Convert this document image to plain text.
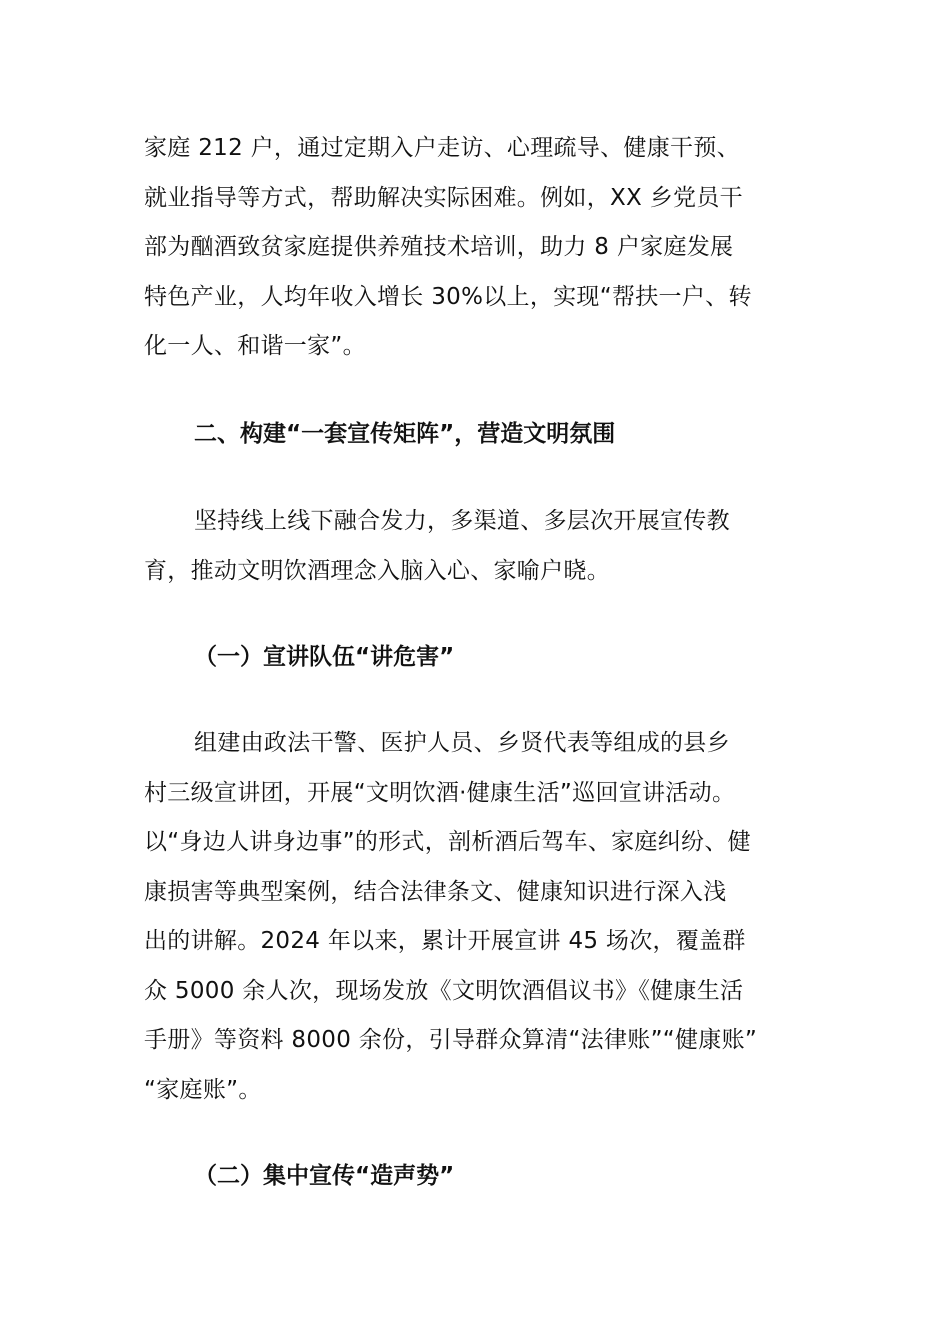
家庭 212 户，通过定期入户走访、心理疏导、健康干预、
就业指导等方式，帮助解决实际困难。例如，XX 乡党员干
部为酗酒致贫家庭提供养殖技术培训，助力 8 户家庭发展
特色产业，人均年收入增长 30%以上，实现“帮扶一户、转
化一人、和谐一家”。
二、构建“一套宣传矩阵”，营造文明氛围
坚持线上线下融合发力，多渠道、多层次开展宣传教
育，推动文明饮酒理念入脑入心、家喻户晓。
（一）宣讲队伍“讲危害”
组建由政法干警、医护人员、乡贤代表等组成的县乡
村三级宣讲团，开展“文明饮酒·健康生活”巡回宣讲活动。
以“身边人讲身边事”的形式，剖析酒后驾车、家庭纠纷、健
康损害等典型案例，结合法律条文、健康知识进行深入浅
出的讲解。2024 年以来，累计开展宣讲 45 场次，覆盖群
众 5000 余人次，现场发放《文明饮酒倡议书》《健康生活
手册》等资料 8000 余份，引导群众算清“法律账”“健康账”
“家庭账”。
（二）集中宣传“造声势”
